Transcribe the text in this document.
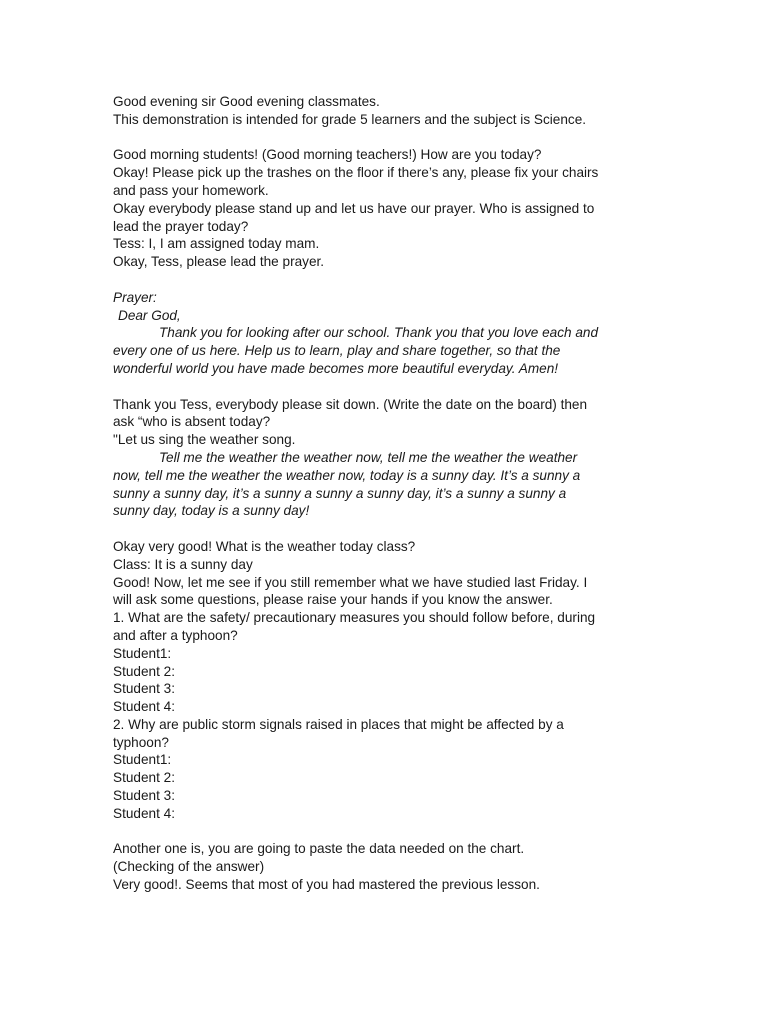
Good evening sir Good evening classmates.
This demonstration is intended for grade 5 learners and the subject is Science.
Good morning students! (Good morning teachers!) How are you today?
Okay! Please pick up the trashes on the floor if there’s any, please fix your chairs
and pass your homework.
Okay everybody please stand up and let us have our prayer. Who is assigned to
lead the prayer today?
Tess: I, I am assigned today mam.
Okay, Tess, please lead the prayer.
Prayer:
Dear God,
Thank you for looking after our school. Thank you that you love each and
every one of us here. Help us to learn, play and share together, so that the
wonderful world you have made becomes more beautiful everyday. Amen!
Thank you Tess, everybody please sit down. (Write the date on the board) then
ask “who is absent today?
"Let us sing the weather song.
Tell me the weather the weather now, tell me the weather the weather
now, tell me the weather the weather now, today is a sunny day. It’s a sunny a
sunny a sunny day, it’s a sunny a sunny a sunny day, it’s a sunny a sunny a
sunny day, today is a sunny day!
Okay very good! What is the weather today class?
Class: It is a sunny day
Good! Now, let me see if you still remember what we have studied last Friday. I
will ask some questions, please raise your hands if you know the answer.
1. What are the safety/ precautionary measures you should follow before, during
and after a typhoon?
Student1:
Student 2:
Student 3:
Student 4:
2. Why are public storm signals raised in places that might be affected by a
typhoon?
Student1:
Student 2:
Student 3:
Student 4:
Another one is, you are going to paste the data needed on the chart.
(Checking of the answer)
Very good!. Seems that most of you had mastered the previous lesson.
